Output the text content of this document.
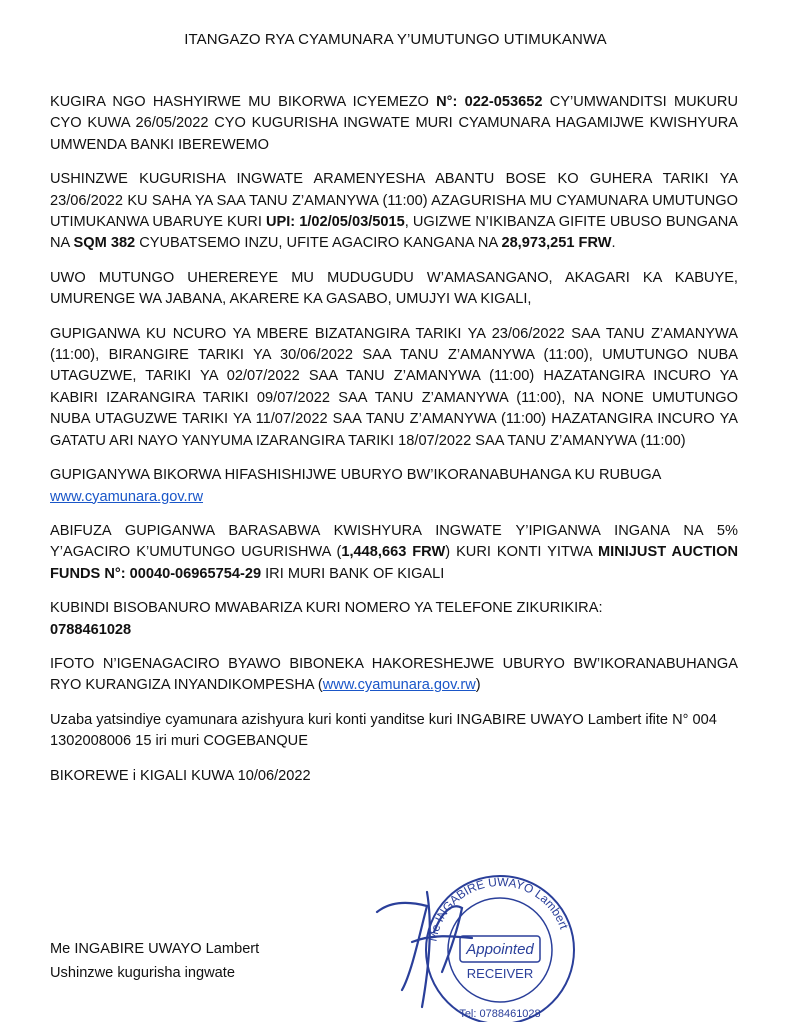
ITANGAZO RYA CYAMUNARA Y’UMUTUNGO UTIMUKANWA

KUGIRA NGO HASHYIRWE MU BIKORWA ICYEMEZO N°: 022-053652 CY’UMWANDITSI MUKURU CYO KUWA 26/05/2022 CYO KUGURISHA INGWATE MURI CYAMUNARA HAGAMIJWE KWISHYURA UMWENDA BANKI IBEREWEMO

USHINZWE KUGURISHA INGWATE ARAMENYESHA ABANTU BOSE KO GUHERA TARIKI YA 23/06/2022 KU SAHA YA SAA TANU Z’AMANYWA (11:00) AZAGURISHA MU CYAMUNARA UMUTUNGO UTIMUKANWA UBARUYE KURI UPI: 1/02/05/03/5015, UGIZWE N’IKIBANZA GIFITE UBUSO BUNGANA NA SQM 382 CYUBATSEMO INZU, UFITE AGACIRO KANGANA NA 28,973,251 FRW.

UWO MUTUNGO UHEREREYE MU MUDUGUDU W’AMASANGANO, AKAGARI KA KABUYE, UMURENGE WA JABANA, AKARERE KA GASABO, UMUJYI WA KIGALI,

GUPIGANWA KU NCURO YA MBERE BIZATANGIRA TARIKI YA 23/06/2022 SAA TANU Z’AMANYWA (11:00), BIRANGIRE TARIKI YA 30/06/2022 SAA TANU Z’AMANYWA (11:00), UMUTUNGO NUBA UTAGUZWE, TARIKI YA 02/07/2022 SAA TANU Z’AMANYWA (11:00) HAZATANGIRA INCURO YA KABIRI IZARANGIRA TARIKI 09/07/2022 SAA TANU Z’AMANYWA (11:00), NA NONE UMUTUNGO NUBA UTAGUZWE TARIKI YA 11/07/2022 SAA TANU Z’AMANYWA (11:00) HAZATANGIRA INCURO YA GATATU ARI NAYO YANYUMA IZARANGIRA TARIKI 18/07/2022 SAA TANU Z’AMANYWA (11:00)

GUPIGANYWA BIKORWA HIFASHISHIJWE UBURYO BW’IKORANABUHANGA KU RUBUGA
www.cyamunara.gov.rw

ABIFUZA GUPIGANWA BARASABWA KWISHYURA INGWATE Y’IPIGANWA INGANA NA 5% Y’AGACIRO K’UMUTUNGO UGURISHWA (1,448,663 FRW) KURI KONTI YITWA MINIJUST AUCTION FUNDS N°: 00040-06965754-29 IRI MURI BANK OF KIGALI

KUBINDI BISOBANURO MWABARIZA KURI NOMERO YA TELEFONE ZIKURIKIRA:
0788461028

IFOTO N’IGENAGACIRO BYAWO BIBONEKA HAKORESHEJWE UBURYO BW’IKORANABUHANGA RYO KURANGIZA INYANDIKOMPESHA (www.cyamunara.gov.rw)

Uzaba yatsindiye cyamunara azishyura kuri konti yanditse kuri INGABIRE UWAYO Lambert ifite N° 004 1302008006 15 iri muri COGEBANQUE

BIKOREWE i KIGALI KUWA 10/06/2022

Me INGABIRE UWAYO Lambert
Ushinzwe kugurisha ingwate
Me INGABIRE UWAYO Lambert
Appointed
RECEIVER
Tel: 0788461028
